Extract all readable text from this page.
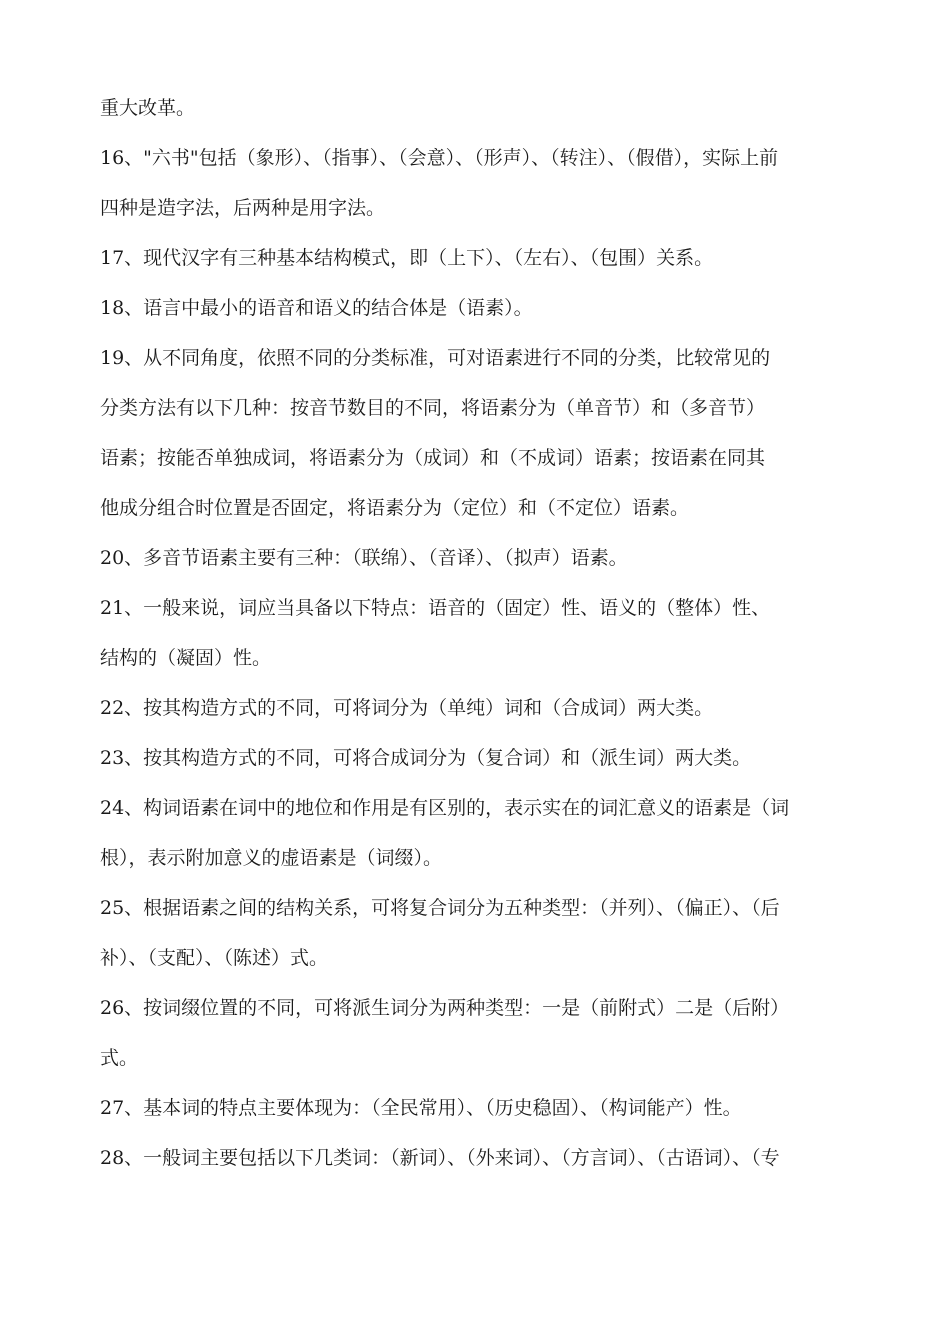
重大改革。
16、"六书"包括（象形）、（指事）、（会意）、（形声）、（转注）、（假借），实际上前
四种是造字法，后两种是用字法。
17、现代汉字有三种基本结构模式，即（上下）、（左右）、（包围）关系。
18、语言中最小的语音和语义的结合体是（语素）。
19、从不同角度，依照不同的分类标准，可对语素进行不同的分类，比较常见的
分类方法有以下几种：按音节数目的不同，将语素分为（单音节）和（多音节）
语素；按能否单独成词，将语素分为（成词）和（不成词）语素；按语素在同其
他成分组合时位置是否固定，将语素分为（定位）和（不定位）语素。
20、多音节语素主要有三种：（联绵）、（音译）、（拟声）语素。
21、一般来说，词应当具备以下特点：语音的（固定）性、语义的（整体）性、
结构的（凝固）性。
22、按其构造方式的不同，可将词分为（单纯）词和（合成词）两大类。
23、按其构造方式的不同，可将合成词分为（复合词）和（派生词）两大类。
24、构词语素在词中的地位和作用是有区别的，表示实在的词汇意义的语素是（词
根），表示附加意义的虚语素是（词缀）。
25、根据语素之间的结构关系，可将复合词分为五种类型：（并列）、（偏正）、（后
补）、（支配）、（陈述）式。
26、按词缀位置的不同，可将派生词分为两种类型：一是（前附式）二是（后附）
式。
27、基本词的特点主要体现为：（全民常用）、（历史稳固）、（构词能产）性。
28、一般词主要包括以下几类词：（新词）、（外来词）、（方言词）、（古语词）、（专
